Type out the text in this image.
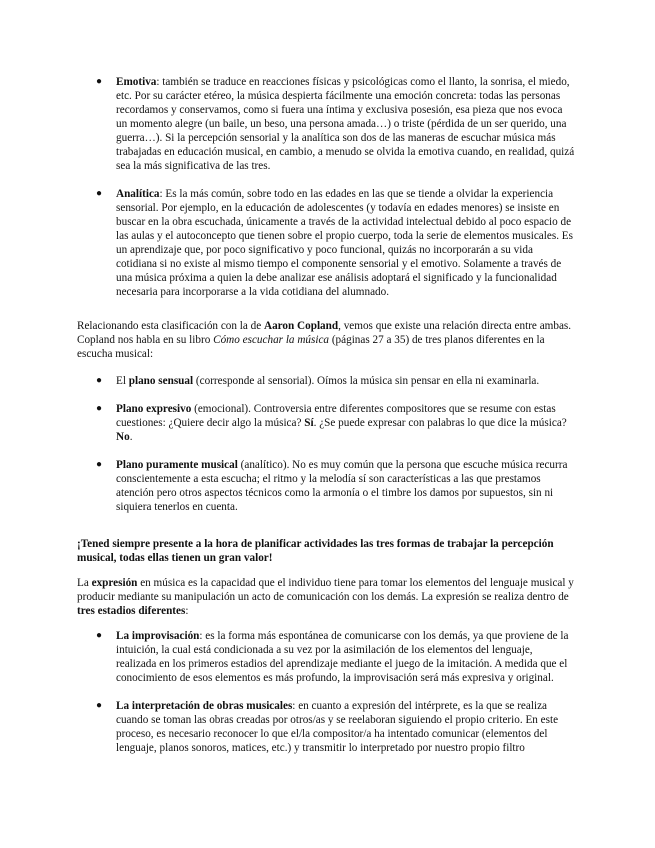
● Emotiva: también se traduce en reacciones físicas y psicológicas como el llanto, la sonrisa, el miedo, etc. Por su carácter etéreo, la música despierta fácilmente una emoción concreta: todas las personas recordamos y conservamos, como si fuera una íntima y exclusiva posesión, esa pieza que nos evoca un momento alegre (un baile, un beso, una persona amada…) o triste (pérdida de un ser querido, una guerra…). Si la percepción sensorial y la analítica son dos de las maneras de escuchar música más trabajadas en educación musical, en cambio, a menudo se olvida la emotiva cuando, en realidad, quizá sea la más significativa de las tres.
● Analítica: Es la más común, sobre todo en las edades en las que se tiende a olvidar la experiencia sensorial. Por ejemplo, en la educación de adolescentes (y todavía en edades menores) se insiste en buscar en la obra escuchada, únicamente a través de la actividad intelectual debido al poco espacio de las aulas y el autoconcepto que tienen sobre el propio cuerpo, toda la serie de elementos musicales. Es un aprendizaje que, por poco significativo y poco funcional, quizás no incorporarán a su vida cotidiana si no existe al mismo tiempo el componente sensorial y el emotivo. Solamente a través de una música próxima a quien la debe analizar ese análisis adoptará el significado y la funcionalidad necesaria para incorporarse a la vida cotidiana del alumnado.

Relacionando esta clasificación con la de Aaron Copland, vemos que existe una relación directa entre ambas. Copland nos habla en su libro Cómo escuchar la música (páginas 27 a 35) de tres planos diferentes en la escucha musical:

● El plano sensual (corresponde al sensorial). Oímos la música sin pensar en ella ni examinarla.
● Plano expresivo (emocional). Controversia entre diferentes compositores que se resume con estas cuestiones: ¿Quiere decir algo la música? Sí. ¿Se puede expresar con palabras lo que dice la música? No.
● Plano puramente musical (analítico). No es muy común que la persona que escuche música recurra conscientemente a esta escucha; el ritmo y la melodía sí son características a las que prestamos atención pero otros aspectos técnicos como la armonía o el timbre los damos por supuestos, sin ni siquiera tenerlos en cuenta.

¡Tened siempre presente a la hora de planificar actividades las tres formas de trabajar la percepción musical, todas ellas tienen un gran valor!

La expresión en música es la capacidad que el individuo tiene para tomar los elementos del lenguaje musical y producir mediante su manipulación un acto de comunicación con los demás. La expresión se realiza dentro de tres estadios diferentes:

● La improvisación: es la forma más espontánea de comunicarse con los demás, ya que proviene de la intuición, la cual está condicionada a su vez por la asimilación de los elementos del lenguaje, realizada en los primeros estadios del aprendizaje mediante el juego de la imitación. A medida que el conocimiento de esos elementos es más profundo, la improvisación será más expresiva y original.
● La interpretación de obras musicales: en cuanto a expresión del intérprete, es la que se realiza cuando se toman las obras creadas por otros/as y se reelaboran siguiendo el propio criterio. En este proceso, es necesario reconocer lo que el/la compositor/a ha intentado comunicar (elementos del lenguaje, planos sonoros, matices, etc.) y transmitir lo interpretado por nuestro propio filtro
